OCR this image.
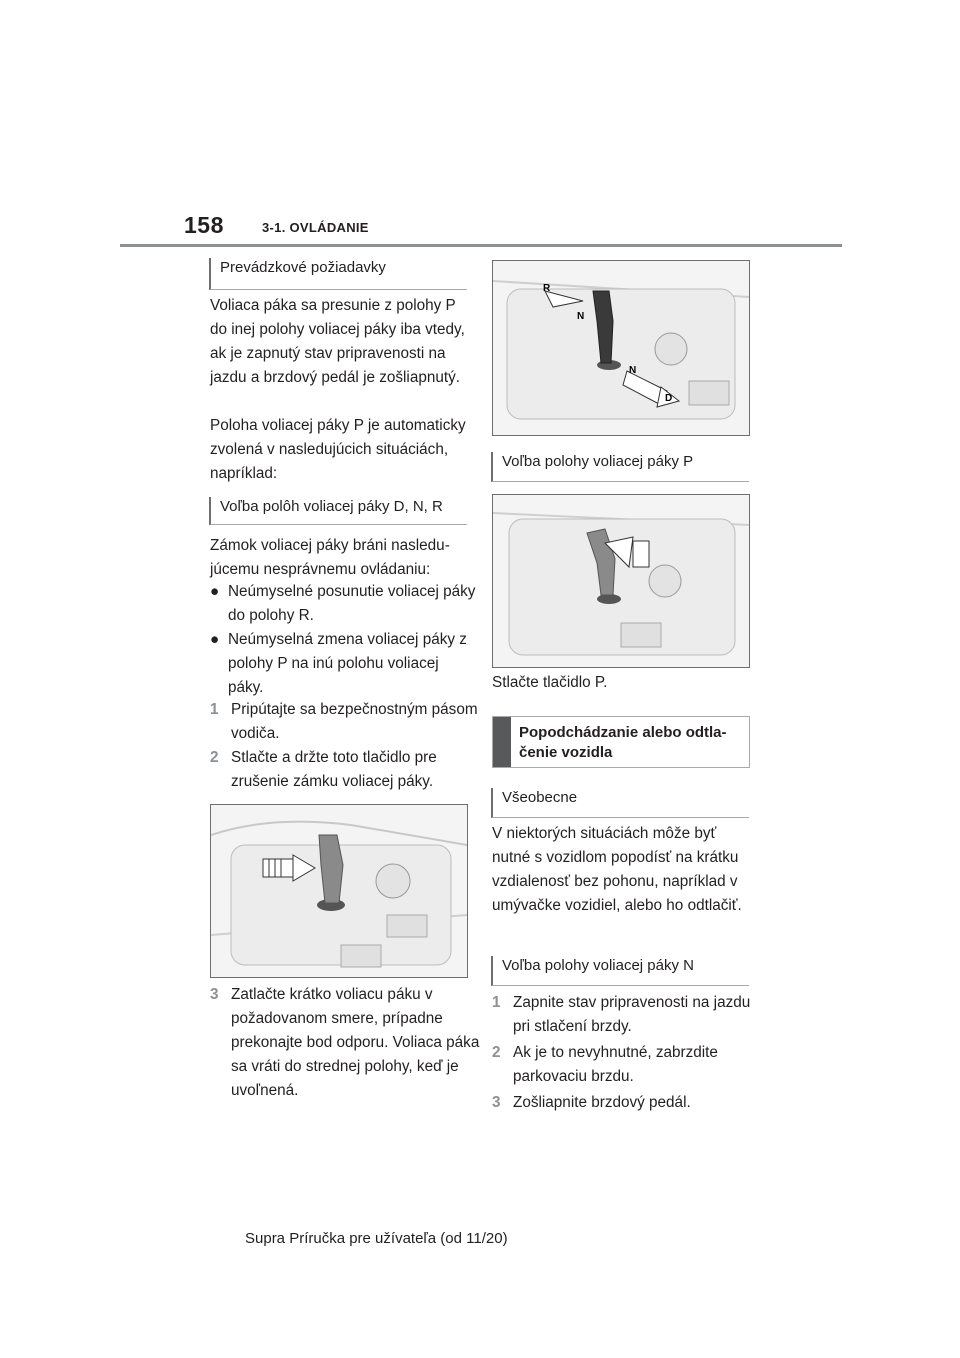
158	3-1. OVLÁDANIE
Prevádzkové požiadavky

Voliaca páka sa presunie z polohy P do inej polohy voliacej páky iba vtedy, ak je zapnutý stav pripravenosti na jazdu a brzdový pedál je zošliapnutý.

Poloha voliacej páky P je automaticky zvolená v nasledujúcich situáciách, napríklad:

Voľba polôh voliacej páky D, N, R

Zámok voliacej páky bráni nasledujúcemu nesprávnemu ovládaniu:

● Neúmyselné posunutie voliacej páky do polohy R.
● Neúmyselná zmena voliacej páky z polohy P na inú polohu voliacej páky.
1 Pripútajte sa bezpečnostným pásom vodiča.
2 Stlačte a držte toto tlačidlo pre zrušenie zámku voliacej páky.
3 Zatlačte krátko voliacu páku v požadovanom smere, prípadne prekonajte bod odporu. Voliaca páka sa vráti do strednej polohy, keď je uvoľnená.
R
N
N
D
Voľba polohy voliacej páky P

Stlačte tlačidlo P.

Popodchádzanie alebo odtlačenie vozidla
Všeobecne

V niektorých situáciách môže byť nutné s vozidlom popodísť na krátku vzdialenosť bez pohonu, napríklad v umývačke vozidiel, alebo ho odtlačiť.

Voľba polohy voliacej páky N
1 Zapnite stav pripravenosti na jazdu pri stlačení brzdy.
2 Ak je to nevyhnutné, zabrzdite parkovaciu brzdu.
3 Zošliapnite brzdový pedál.
Supra Príručka pre užívateľa (od 11/20)
